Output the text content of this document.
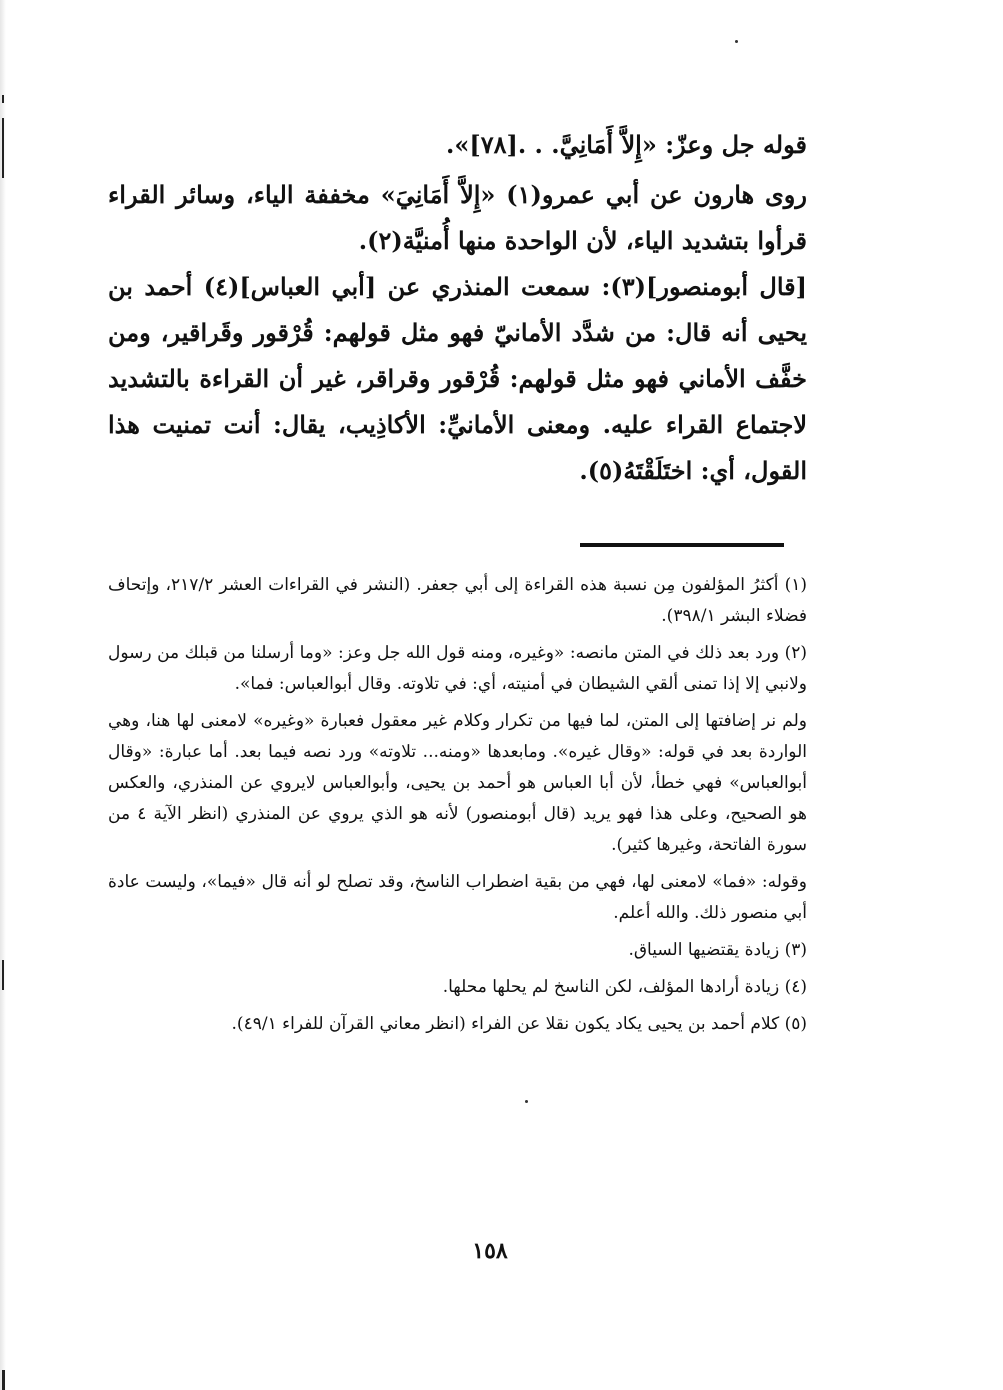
قوله جل وعزّ: «إِلاَّ أَمَانِيَّ. . .[٧٨]».

روى هارون عن أبي عمرو(١) «إِلاَّ أَمَانِيَ» مخففة الياء، وسائر القراء قرأوا بتشديد الياء، لأن الواحدة منها أُمنيَّة(٢).

[قال أبومنصور](٣): سمعت المنذري عن [أبي العباس](٤) أحمد بن يحيى أنه قال: من شدَّد الأمانيّ فهو مثل قولهم: قُرْقور وقَراقير، ومن خفَّف الأماني فهو مثل قولهم: قُرْقور وقراقر، غير أن القراءة بالتشديد لاجتماع القراء عليه. ومعنى الأمانيِّ: الأكاذِيب، يقال: أنت تمنيت هذا القول، أي: اختَلَقْتَهُ(٥).

(١) أكثرُ المؤلفون مِن نسبة هذه القراءة إلى أبي جعفر. (النشر في القراءات العشر ٢١٧/٢، وإتحاف فضلاء البشر ٣٩٨/١).

(٢) ورد بعد ذلك في المتن مانصه: «وغيره، ومنه قول الله جل وعز: «وما أرسلنا من قبلك من رسول ولانبي إلا إذا تمنى ألقي الشيطان في أمنيته، أي: في تلاوته. وقال أبوالعباس: فما».

ولم نر إضافتها إلى المتن، لما فيها من تكرار وكلام غير معقول فعبارة «وغيره» لامعنى لها هنا، وهي الواردة بعد في قوله: «وقال غيره». ومابعدها «ومنه... تلاوته» ورد نصه فيما بعد. أما عبارة: «وقال أبوالعباس» فهي خطأ، لأن أبا العباس هو أحمد بن يحيى، وأبوالعباس لايروي عن المنذري، والعكس هو الصحيح، وعلى هذا فهو يريد (قال أبومنصور) لأنه هو الذي يروي عن المنذري (انظر الآية ٤ من سورة الفاتحة، وغيرها كثير).

وقوله: «فما» لامعنى لها، فهي من بقية اضطراب الناسخ، وقد تصلح لو أنه قال «فيما»، وليست عادة أبي منصور ذلك. والله أعلم.

(٣) زيادة يقتضيها السياق.

(٤) زيادة أرادها المؤلف، لكن الناسخ لم يحلها محلها.

(٥) كلام أحمد بن يحيى يكاد يكون نقلا عن الفراء (انظر معاني القرآن للفراء ٤٩/١).

١٥٨
